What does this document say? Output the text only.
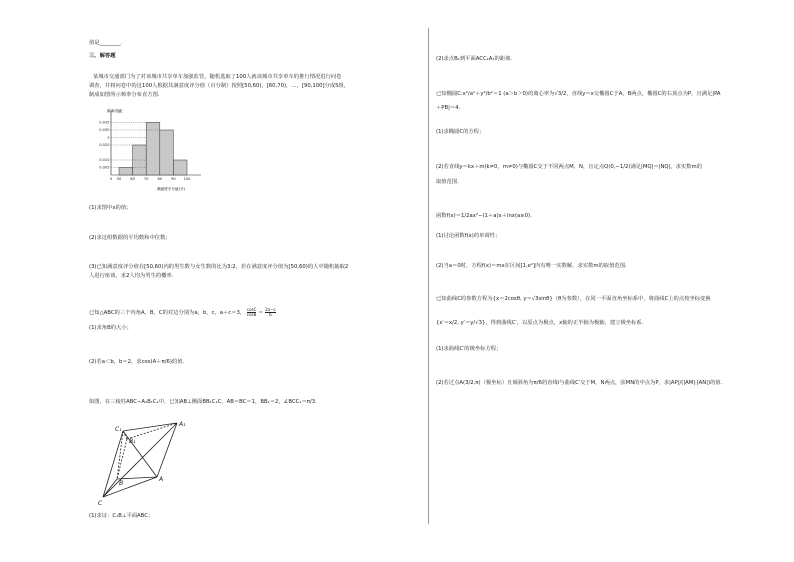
值是________.
三、解答题
某城市交通部门为了对该城市共享单车加强监管，随机选取了100人就该城市共享单车的推行情况进行问卷
调查，并将问卷中的这100人根据其满意度评分值（百分制）按照[50,60)，[60,70)，…，[90,100]分成5组，
制成如图所示频率分布直方图.
(1)求图中x的值；
(2)求这组数据的平均数和中位数；
(3)已知满意度评分值在[50,60)内的男生数与女生数的比为3:2，若在满意度评分值为[50,60)的人中随机抽取2
人进行座谈，求2人均为男生的概率.
已知△ABC的三个内角A，B，C的对边分别为a，b，c，a＋c＝3， $\frac{\cos C}{\cos B} = \frac{2a-c}{b}$
(1)求角B的大小；
(2)若a＜b，b＝2，求cos(A＋π/6)的值.
如图，在三棱柱ABC−A₁B₁C₁中，已知AB⊥侧面BB₁C₁C，AB＝BC＝1，BB₁＝2，∠BCC₁＝π/3.
(1)求证：C₁B⊥平面ABC；
0.035
0.030
x
0.020
0.010
0.005
0 50	60	70	80	90 100
频率/组距
满意度平分值(分)
C₁
A₁
B₁
B
A
C
(2)求点B₁到平面ACC₁A₁的距离.
已知椭圆C:x²/a²＋y²/b²＝1 (a＞b＞0)的离心率为√3/2，直线y＝x交椭圆C于A，B两点，椭圆C的右顶点为P，且满足|PA
＋PB|＝4.
(1)求椭圆C的方程；
(2)若直线y＝kx＋m(k≠0，m≠0)与椭圆C交于不同两点M，N，且定点Q(0,−1/2)满足|MQ|＝|NQ|，求实数m的
取值范围.
函数f(x)＝1/2ax²−(1＋a)x＋lnx(a≥0).
(1)讨论函数f(x)的单调性；
(2)当a＝0时，方程f(x)＝mx在区间[1,e²]内有唯一实数解，求实数m的取值范围.
已知曲线C的参数方程为{x＝2cosθ, y＝√3sinθ}（θ为参数），在同一平面直角坐标系中，将曲线C上的点按坐标变换
{x′＝x/2, y′＝y/√3}，得到曲线C′，以原点为极点，x轴的正半轴为极轴，建立极坐标系.
(1)求曲线C′的极坐标方程；
(2)若过点A(3/2,π)（极坐标）且倾斜角为π/6的直线l与曲线C′交于M，N两点，弦MN的中点为P，求|AP|/(|AM|·|AN|)的值.
